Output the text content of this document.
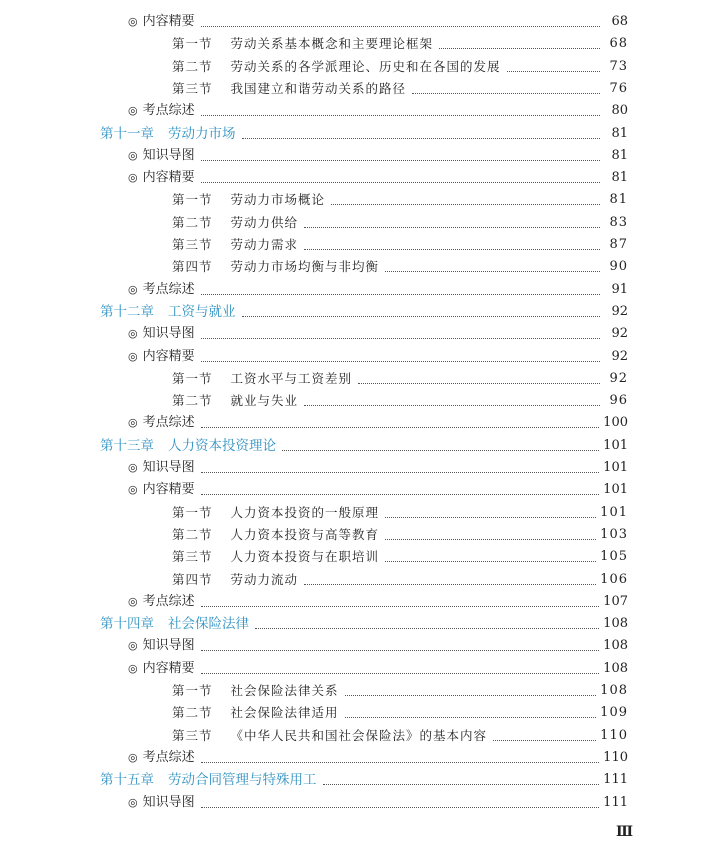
◎ 内容精要	68
第一节 劳动关系基本概念和主要理论框架	68
第二节 劳动关系的各学派理论、历史和在各国的发展	73
第三节 我国建立和谐劳动关系的路径	76
◎ 考点综述	80
第十一章 劳动力市场	81
◎ 知识导图	81
◎ 内容精要	81
第一节 劳动力市场概论	81
第二节 劳动力供给	83
第三节 劳动力需求	87
第四节 劳动力市场均衡与非均衡	90
◎ 考点综述	91
第十二章 工资与就业	92
◎ 知识导图	92
◎ 内容精要	92
第一节 工资水平与工资差别	92
第二节 就业与失业	96
◎ 考点综述	100
第十三章 人力资本投资理论	101
◎ 知识导图	101
◎ 内容精要	101
第一节 人力资本投资的一般原理	101
第二节 人力资本投资与高等教育	103
第三节 人力资本投资与在职培训	105
第四节 劳动力流动	106
◎ 考点综述	107
第十四章 社会保险法律	108
◎ 知识导图	108
◎ 内容精要	108
第一节 社会保险法律关系	108
第二节 社会保险法律适用	109
第三节 《中华人民共和国社会保险法》的基本内容	110
◎ 考点综述	110
第十五章 劳动合同管理与特殊用工	111
◎ 知识导图	111
Ⅲ
